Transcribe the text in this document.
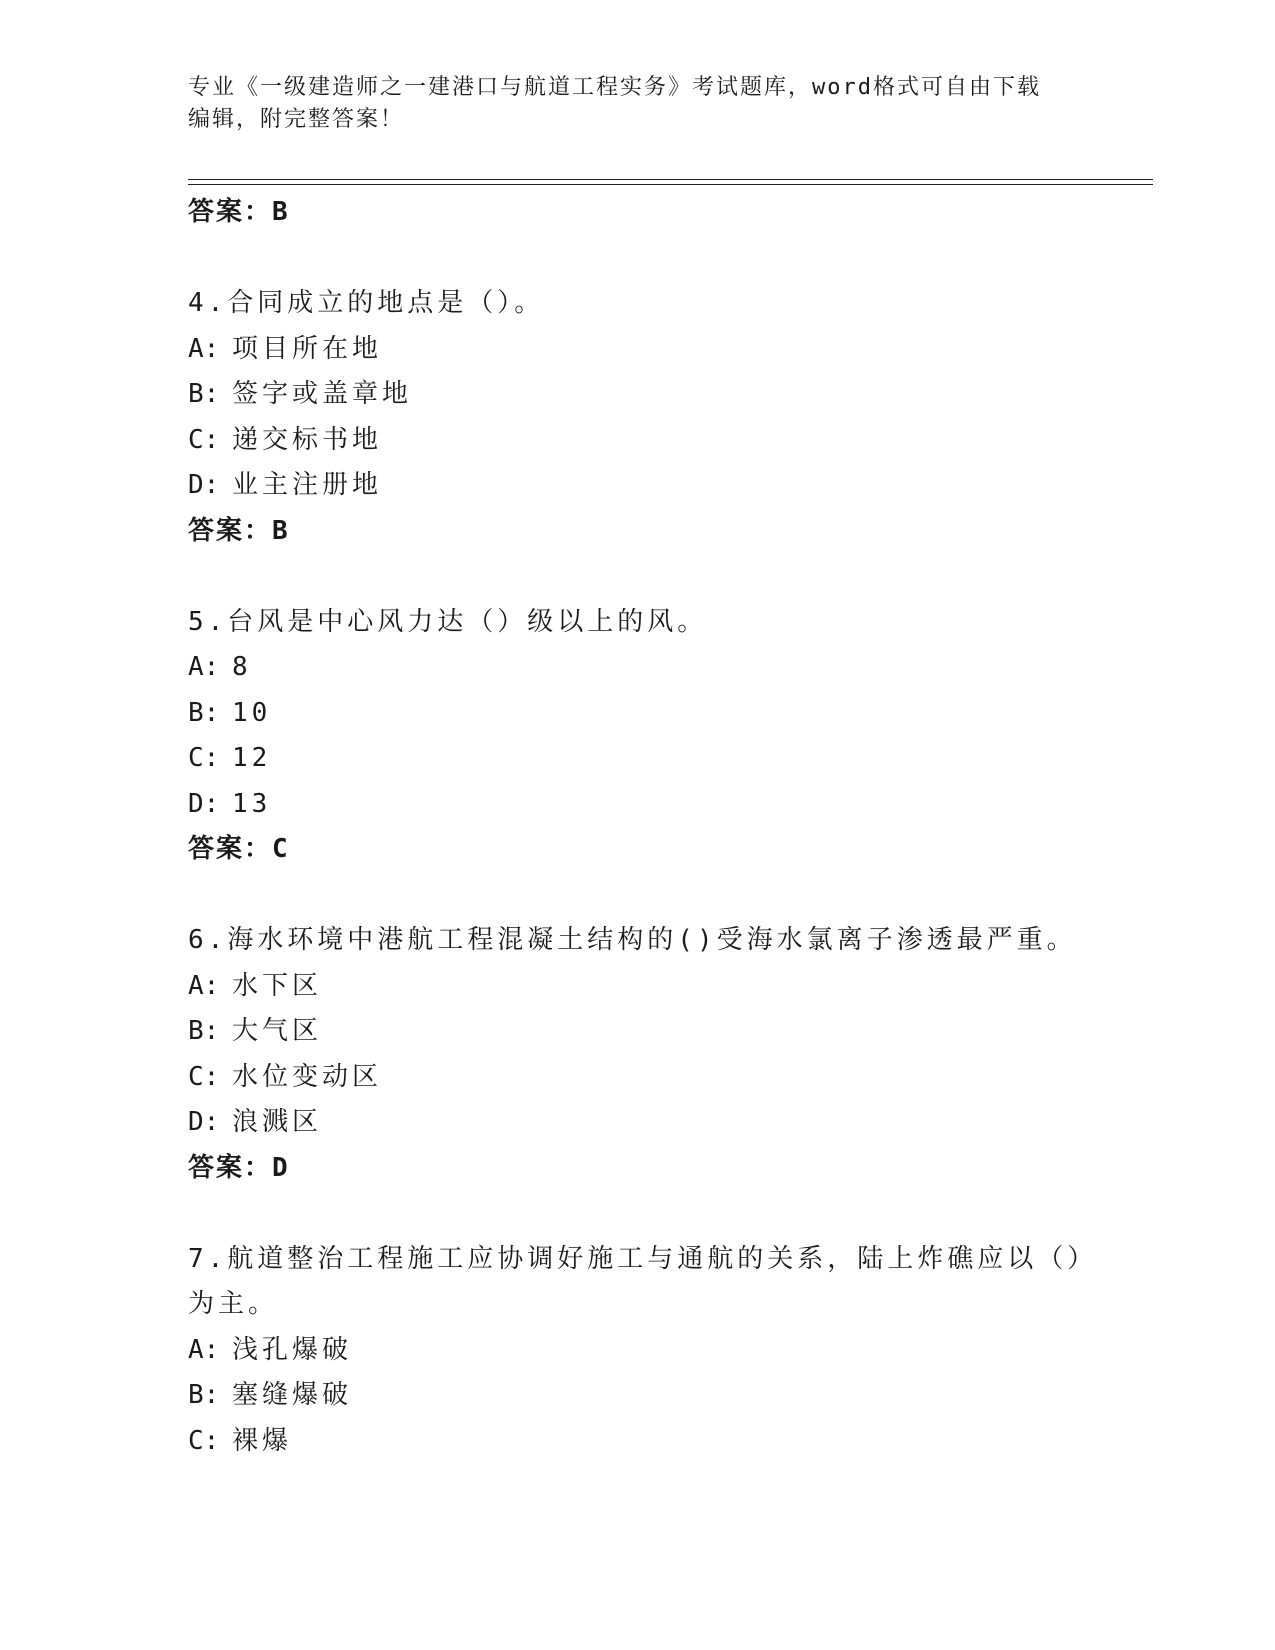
专业《一级建造师之一建港口与航道工程实务》考试题库，word格式可自由下载
编辑，附完整答案！
答案：B
4.合同成立的地点是（）。
A: 项目所在地
B: 签字或盖章地
C: 递交标书地
D: 业主注册地
答案：B
5.台风是中心风力达（）级以上的风。
A: 8
B: 10
C: 12
D: 13
答案：C
6.海水环境中港航工程混凝土结构的()受海水氯离子渗透最严重。
A: 水下区
B: 大气区
C: 水位变动区
D: 浪溅区
答案：D
7.航道整治工程施工应协调好施工与通航的关系，陆上炸礁应以（）
为主。
A: 浅孔爆破
B: 塞缝爆破
C: 裸爆
